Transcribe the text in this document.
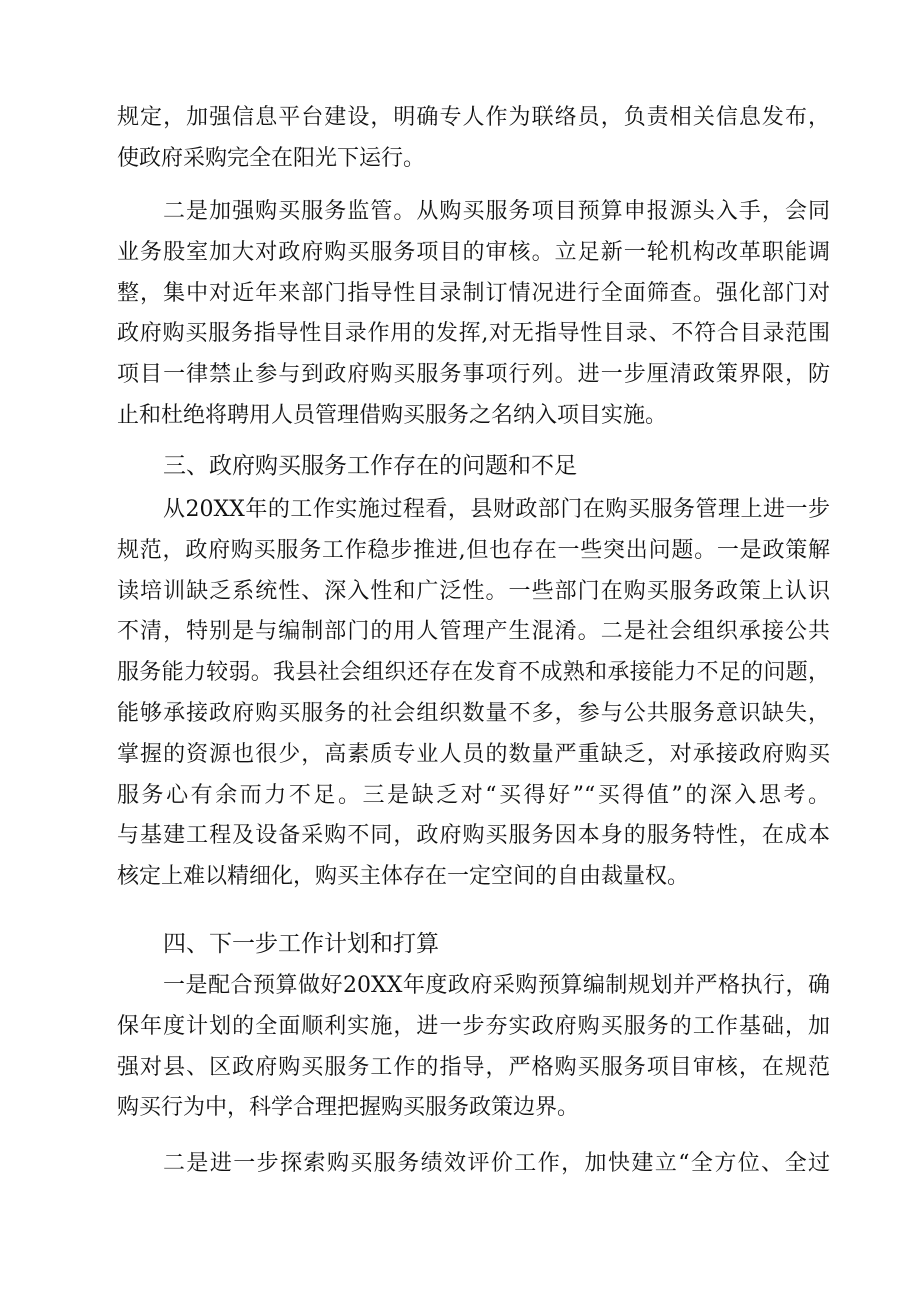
规定，加强信息平台建设，明确专人作为联络员，负责相关信息发布，
使政府采购完全在阳光下运行。
二是加强购买服务监管。从购买服务项目预算申报源头入手，会同
业务股室加大对政府购买服务项目的审核。立足新一轮机构改革职能调
整，集中对近年来部门指导性目录制订情况进行全面筛查。强化部门对
政府购买服务指导性目录作用的发挥,对无指导性目录、不符合目录范围
项目一律禁止参与到政府购买服务事项行列。进一步厘清政策界限，防
止和杜绝将聘用人员管理借购买服务之名纳入项目实施。
三、政府购买服务工作存在的问题和不足
从20XX年的工作实施过程看，县财政部门在购买服务管理上进一步
规范，政府购买服务工作稳步推进,但也存在一些突出问题。一是政策解
读培训缺乏系统性、深入性和广泛性。一些部门在购买服务政策上认识
不清，特别是与编制部门的用人管理产生混淆。二是社会组织承接公共
服务能力较弱。我县社会组织还存在发育不成熟和承接能力不足的问题，
能够承接政府购买服务的社会组织数量不多，参与公共服务意识缺失，
掌握的资源也很少，高素质专业人员的数量严重缺乏，对承接政府购买
服务心有余而力不足。三是缺乏对“买得好”“买得值”的深入思考。
与基建工程及设备采购不同，政府购买服务因本身的服务特性，在成本
核定上难以精细化，购买主体存在一定空间的自由裁量权。
四、下一步工作计划和打算
一是配合预算做好20XX年度政府采购预算编制规划并严格执行，确
保年度计划的全面顺利实施，进一步夯实政府购买服务的工作基础，加
强对县、区政府购买服务工作的指导，严格购买服务项目审核，在规范
购买行为中，科学合理把握购买服务政策边界。
二是进一步探索购买服务绩效评价工作，加快建立“全方位、全过
